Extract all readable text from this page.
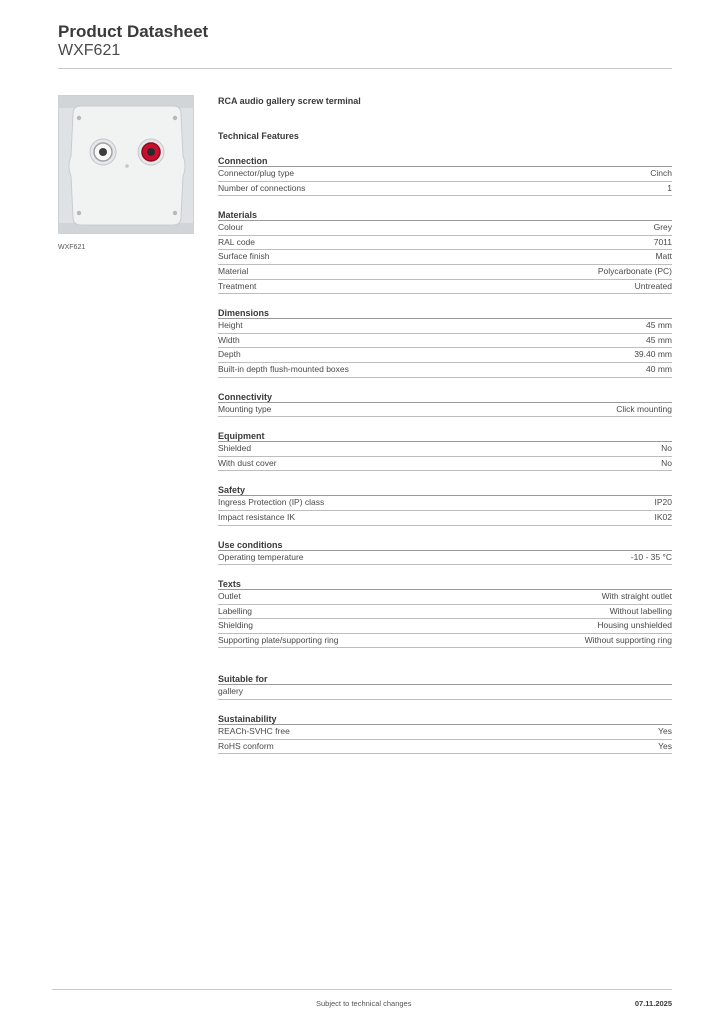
Product Datasheet
WXF621
WXF621
RCA audio gallery screw terminal
Technical Features
Connection
Connector/plug type	Cinch
Number of connections	1
Materials
Colour	Grey
RAL code	7011
Surface finish	Matt
Material	Polycarbonate (PC)
Treatment	Untreated
Dimensions
Height	45 mm
Width	45 mm
Depth	39.40 mm
Built-in depth flush-mounted boxes	40 mm
Connectivity
Mounting type	Click mounting
Equipment
Shielded	No
With dust cover	No
Safety
Ingress Protection (IP) class	IP20
Impact resistance IK	IK02
Use conditions
Operating temperature	-10 - 35 °C
Texts
Outlet	With straight outlet
Labelling	Without labelling
Shielding	Housing unshielded
Supporting plate/supporting ring	Without supporting ring
Suitable for
gallery
Sustainability
REACh-SVHC free	Yes
RoHS conform	Yes
Subject to technical changes	07.11.2025
